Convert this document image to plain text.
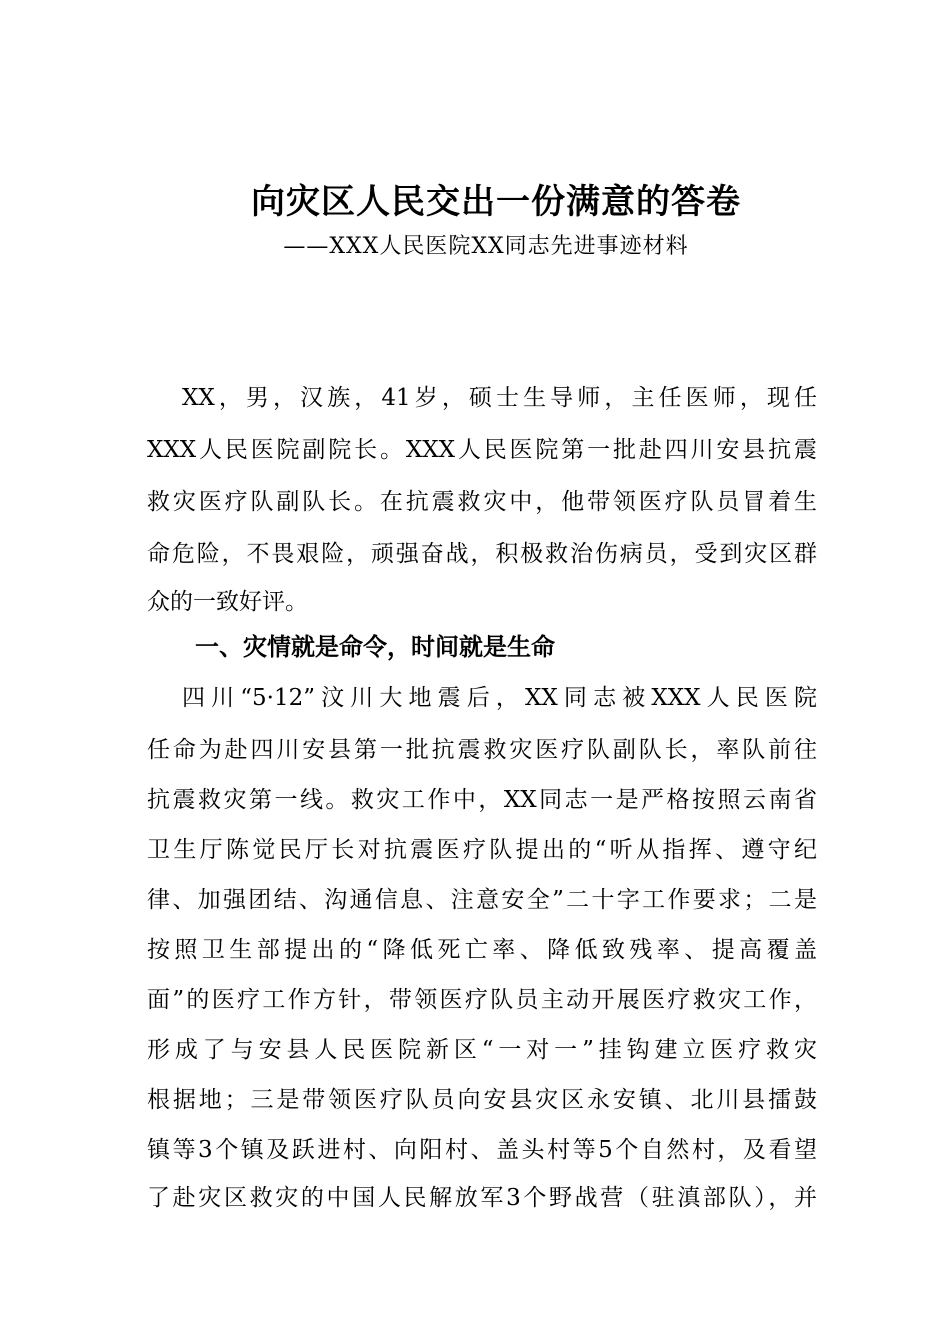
向灾区人民交出一份满意的答卷
——XXX人民医院XX同志先进事迹材料
XX，男，汉族，41岁，硕士生导师，主任医师，现任
XXX人民医院副院长。XXX人民医院第一批赴四川安县抗震
救灾医疗队副队长。在抗震救灾中，他带领医疗队员冒着生
命危险，不畏艰险，顽强奋战，积极救治伤病员，受到灾区群
众的一致好评。
一、灾情就是命令，时间就是生命
四川“5·12”汶川大地震后，XX同志被XXX人民医院
任命为赴四川安县第一批抗震救灾医疗队副队长，率队前往
抗震救灾第一线。救灾工作中，XX同志一是严格按照云南省
卫生厅陈觉民厅长对抗震医疗队提出的“听从指挥、遵守纪
律、加强团结、沟通信息、注意安全”二十字工作要求；二是
按照卫生部提出的“降低死亡率、降低致残率、提高覆盖
面”的医疗工作方针，带领医疗队员主动开展医疗救灾工作，
形成了与安县人民医院新区“一对一”挂钩建立医疗救灾
根据地；三是带领医疗队员向安县灾区永安镇、北川县擂鼓
镇等3个镇及跃进村、向阳村、盖头村等5个自然村，及看望
了赴灾区救灾的中国人民解放军3个野战营（驻滇部队），并
